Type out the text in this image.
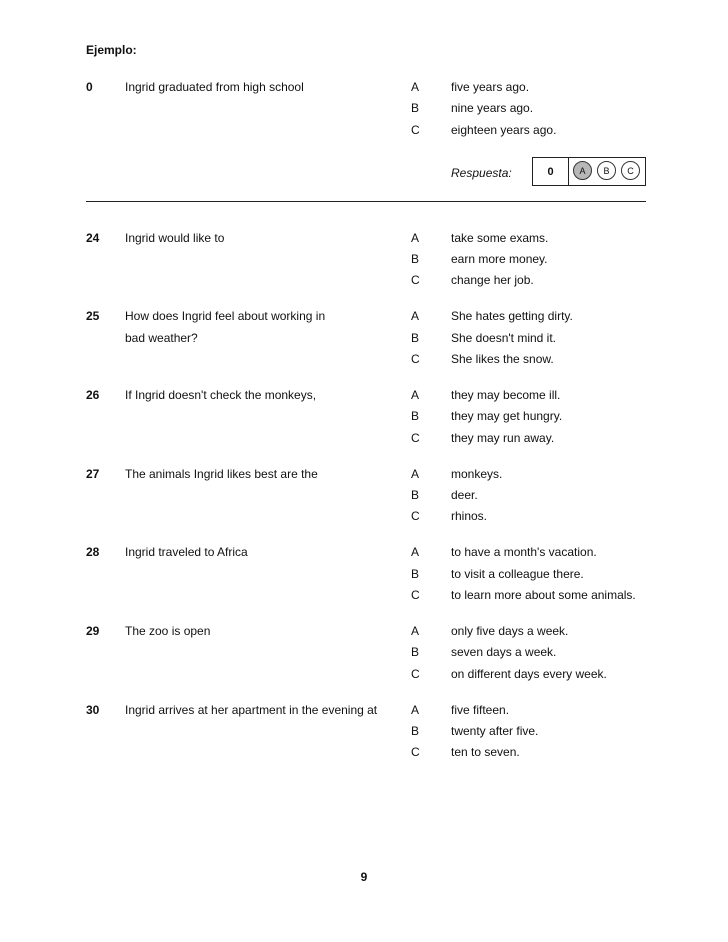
Ejemplo:
0	Ingrid graduated from high school	A	five years ago.
B	nine years ago.
C	eighteen years ago.
Respuesta:	0	A	B	C
24 Ingrid would like to	A	take some exams.
B	earn more money.
C	change her job.
25 How does Ingrid feel about working in
bad weather?
A	She hates getting dirty.
B	She doesn't mind it.
C	She likes the snow.
26 If Ingrid doesn't check the monkeys,	A	they may become ill.
B	they may get hungry.
C	they may run away.
27 The animals Ingrid likes best are the	A	monkeys.
B	deer.
C	rhinos.
28 Ingrid traveled to Africa	A	to have a month's vacation.
B	to visit a colleague there.
C	to learn more about some animals.
29 The zoo is open	A	only five days a week.
B	seven days a week.
C	on different days every week.
30 Ingrid arrives at her apartment in the evening at	A	five fifteen.
B	twenty after five.
C	ten to seven.
9
